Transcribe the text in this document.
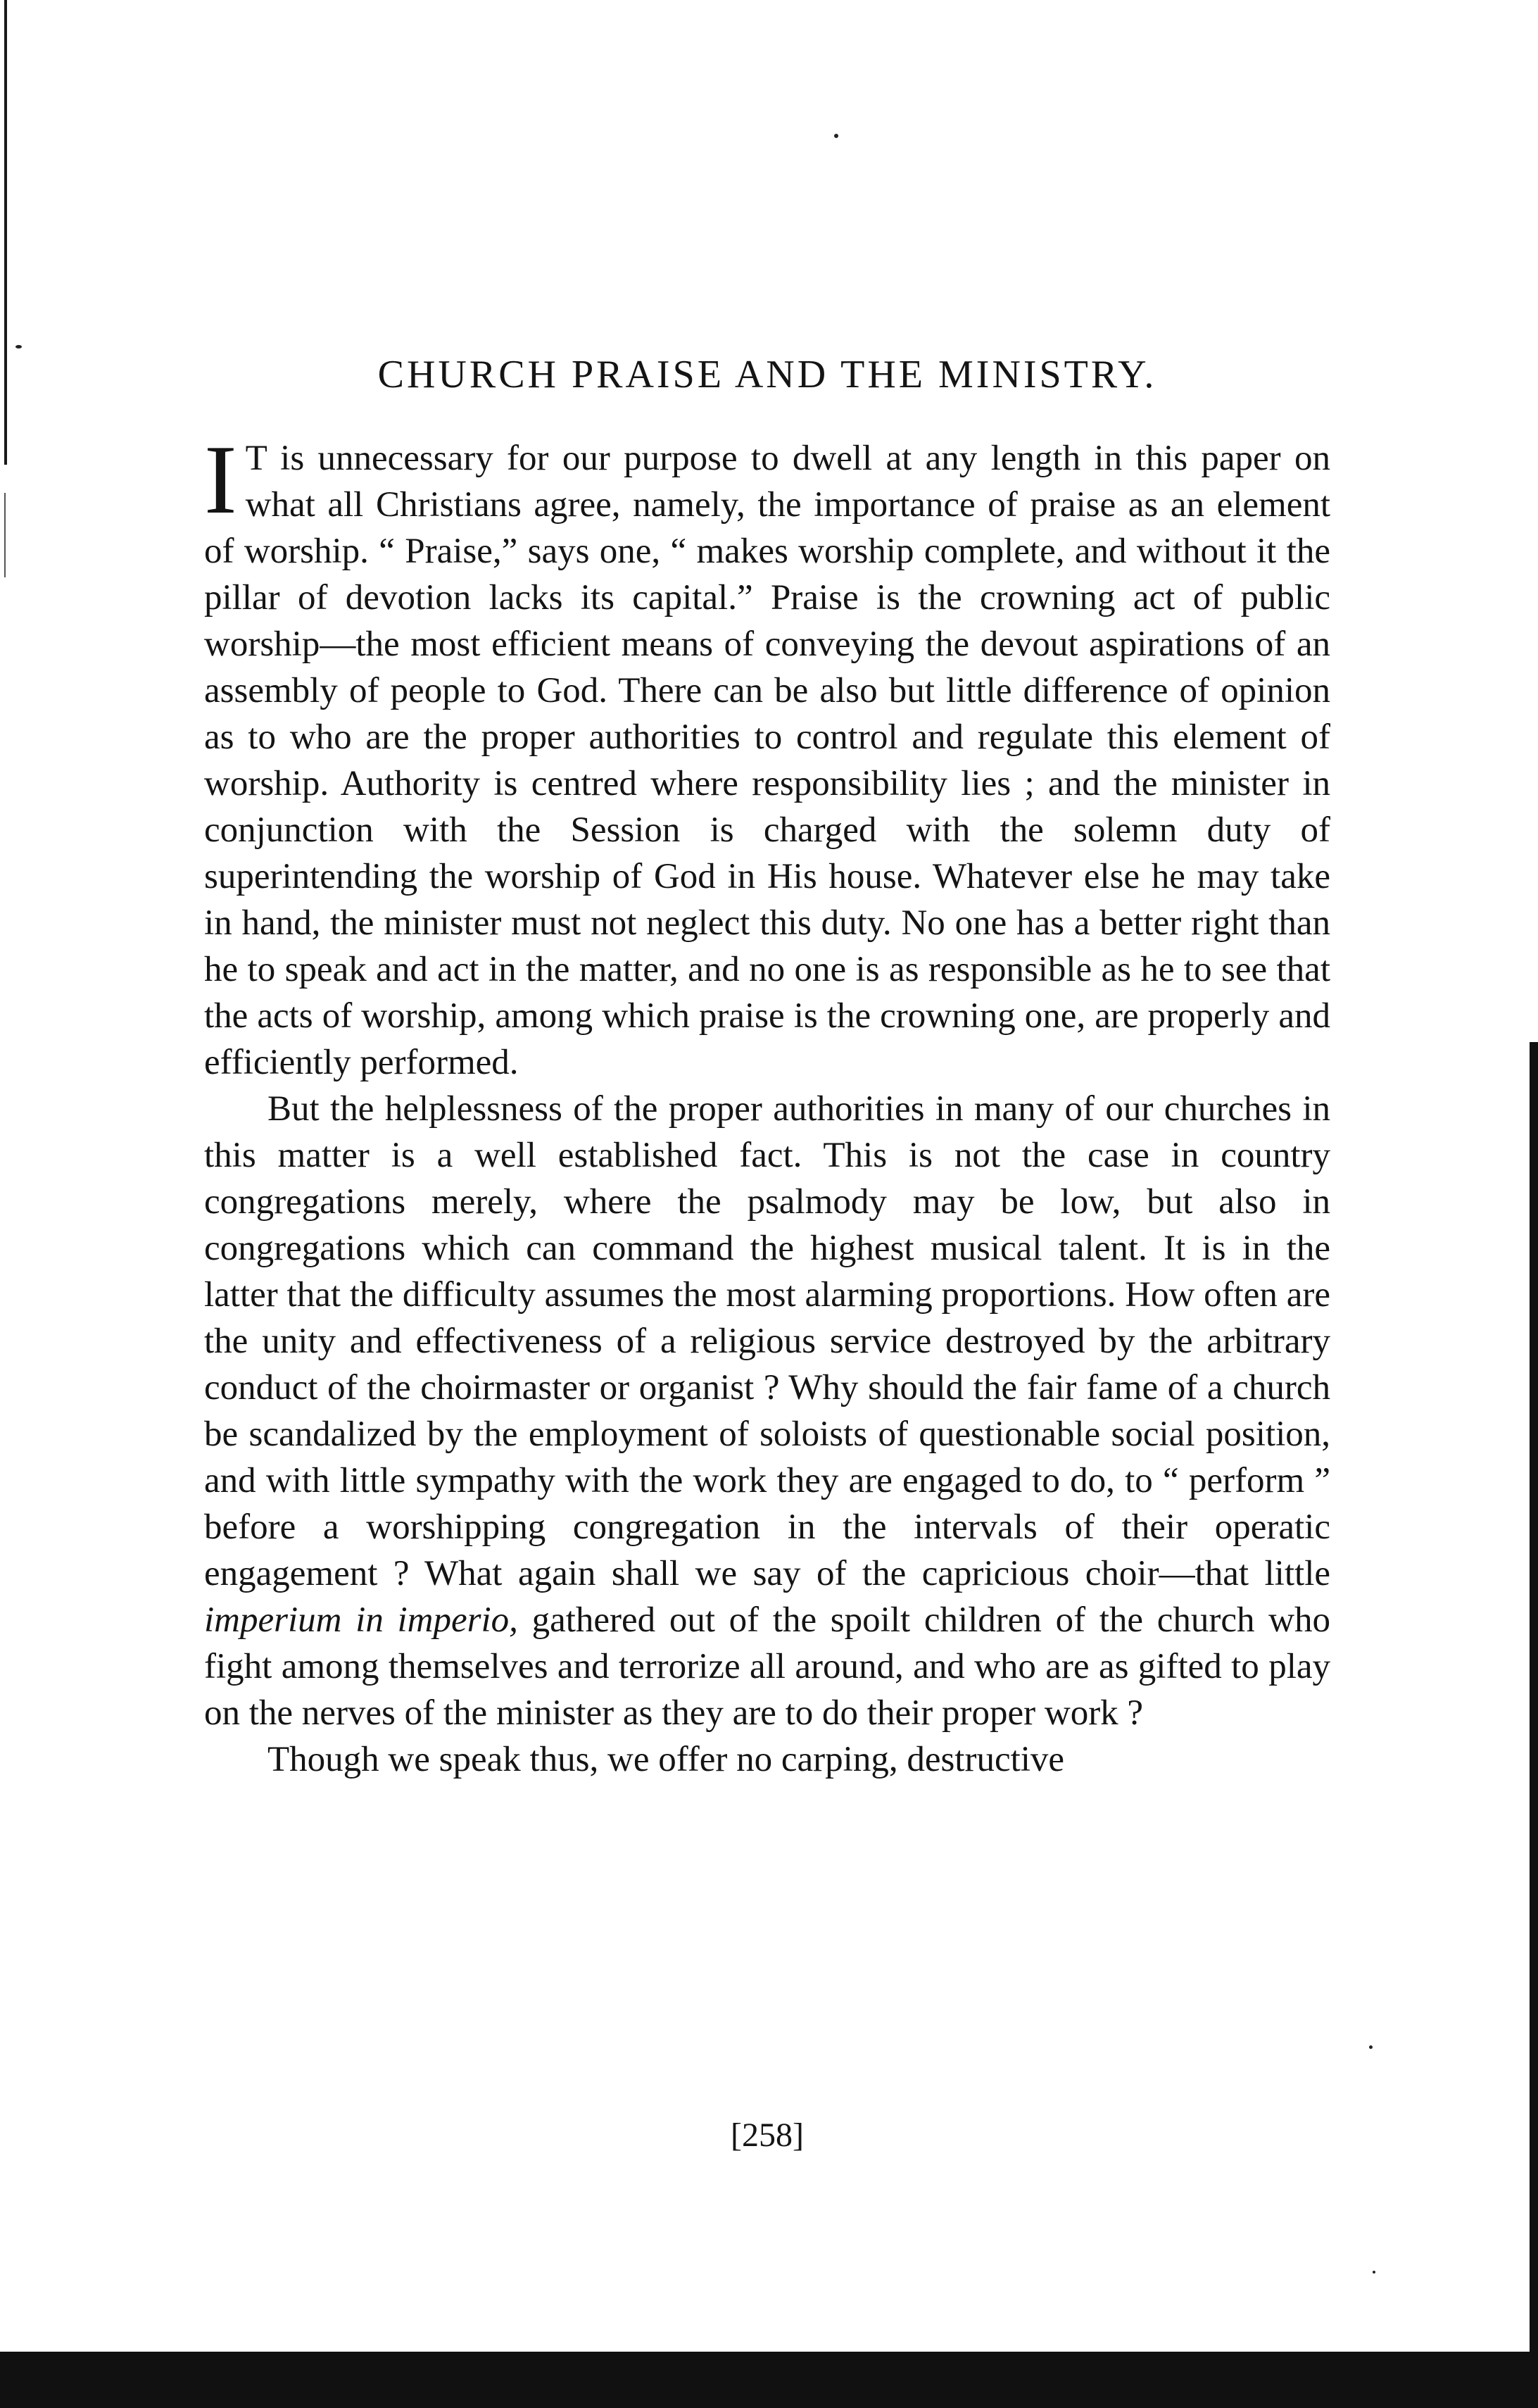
CHURCH PRAISE AND THE MINISTRY.

I T is unnecessary for our purpose to dwell at any length in this paper on what all Christians agree, namely, the importance of praise as an element of worship. “ Praise,” says one, “ makes worship complete, and without it the pillar of devotion lacks its capital.” Praise is the crowning act of public worship—the most efficient means of conveying the devout aspirations of an assembly of people to God. There can be also but little difference of opinion as to who are the proper authorities to control and regulate this element of worship. Authority is centred where responsibility lies ; and the minister in conjunction with the Session is charged with the solemn duty of superintending the worship of God in His house. Whatever else he may take in hand, the minister must not neglect this duty. No one has a better right than he to speak and act in the matter, and no one is as responsible as he to see that the acts of worship, among which praise is the crowning one, are properly and efficiently performed.

But the helplessness of the proper authorities in many of our churches in this matter is a well established fact. This is not the case in country congregations merely, where the psalmody may be low, but also in congregations which can command the highest musical talent. It is in the latter that the difficulty assumes the most alarming proportions. How often are the unity and effectiveness of a religious service destroyed by the arbitrary conduct of the choirmaster or organist ? Why should the fair fame of a church be scandalized by the employment of soloists of questionable social position, and with little sympathy with the work they are engaged to do, to “ perform ” before a worshipping congregation in the intervals of their operatic engagement ? What again shall we say of the capricious choir—that little imperium in imperio, gathered out of the spoilt children of the church who fight among themselves and terrorize all around, and who are as gifted to play on the nerves of the minister as they are to do their proper work ?

Though we speak thus, we offer no carping, destructive

[258]
